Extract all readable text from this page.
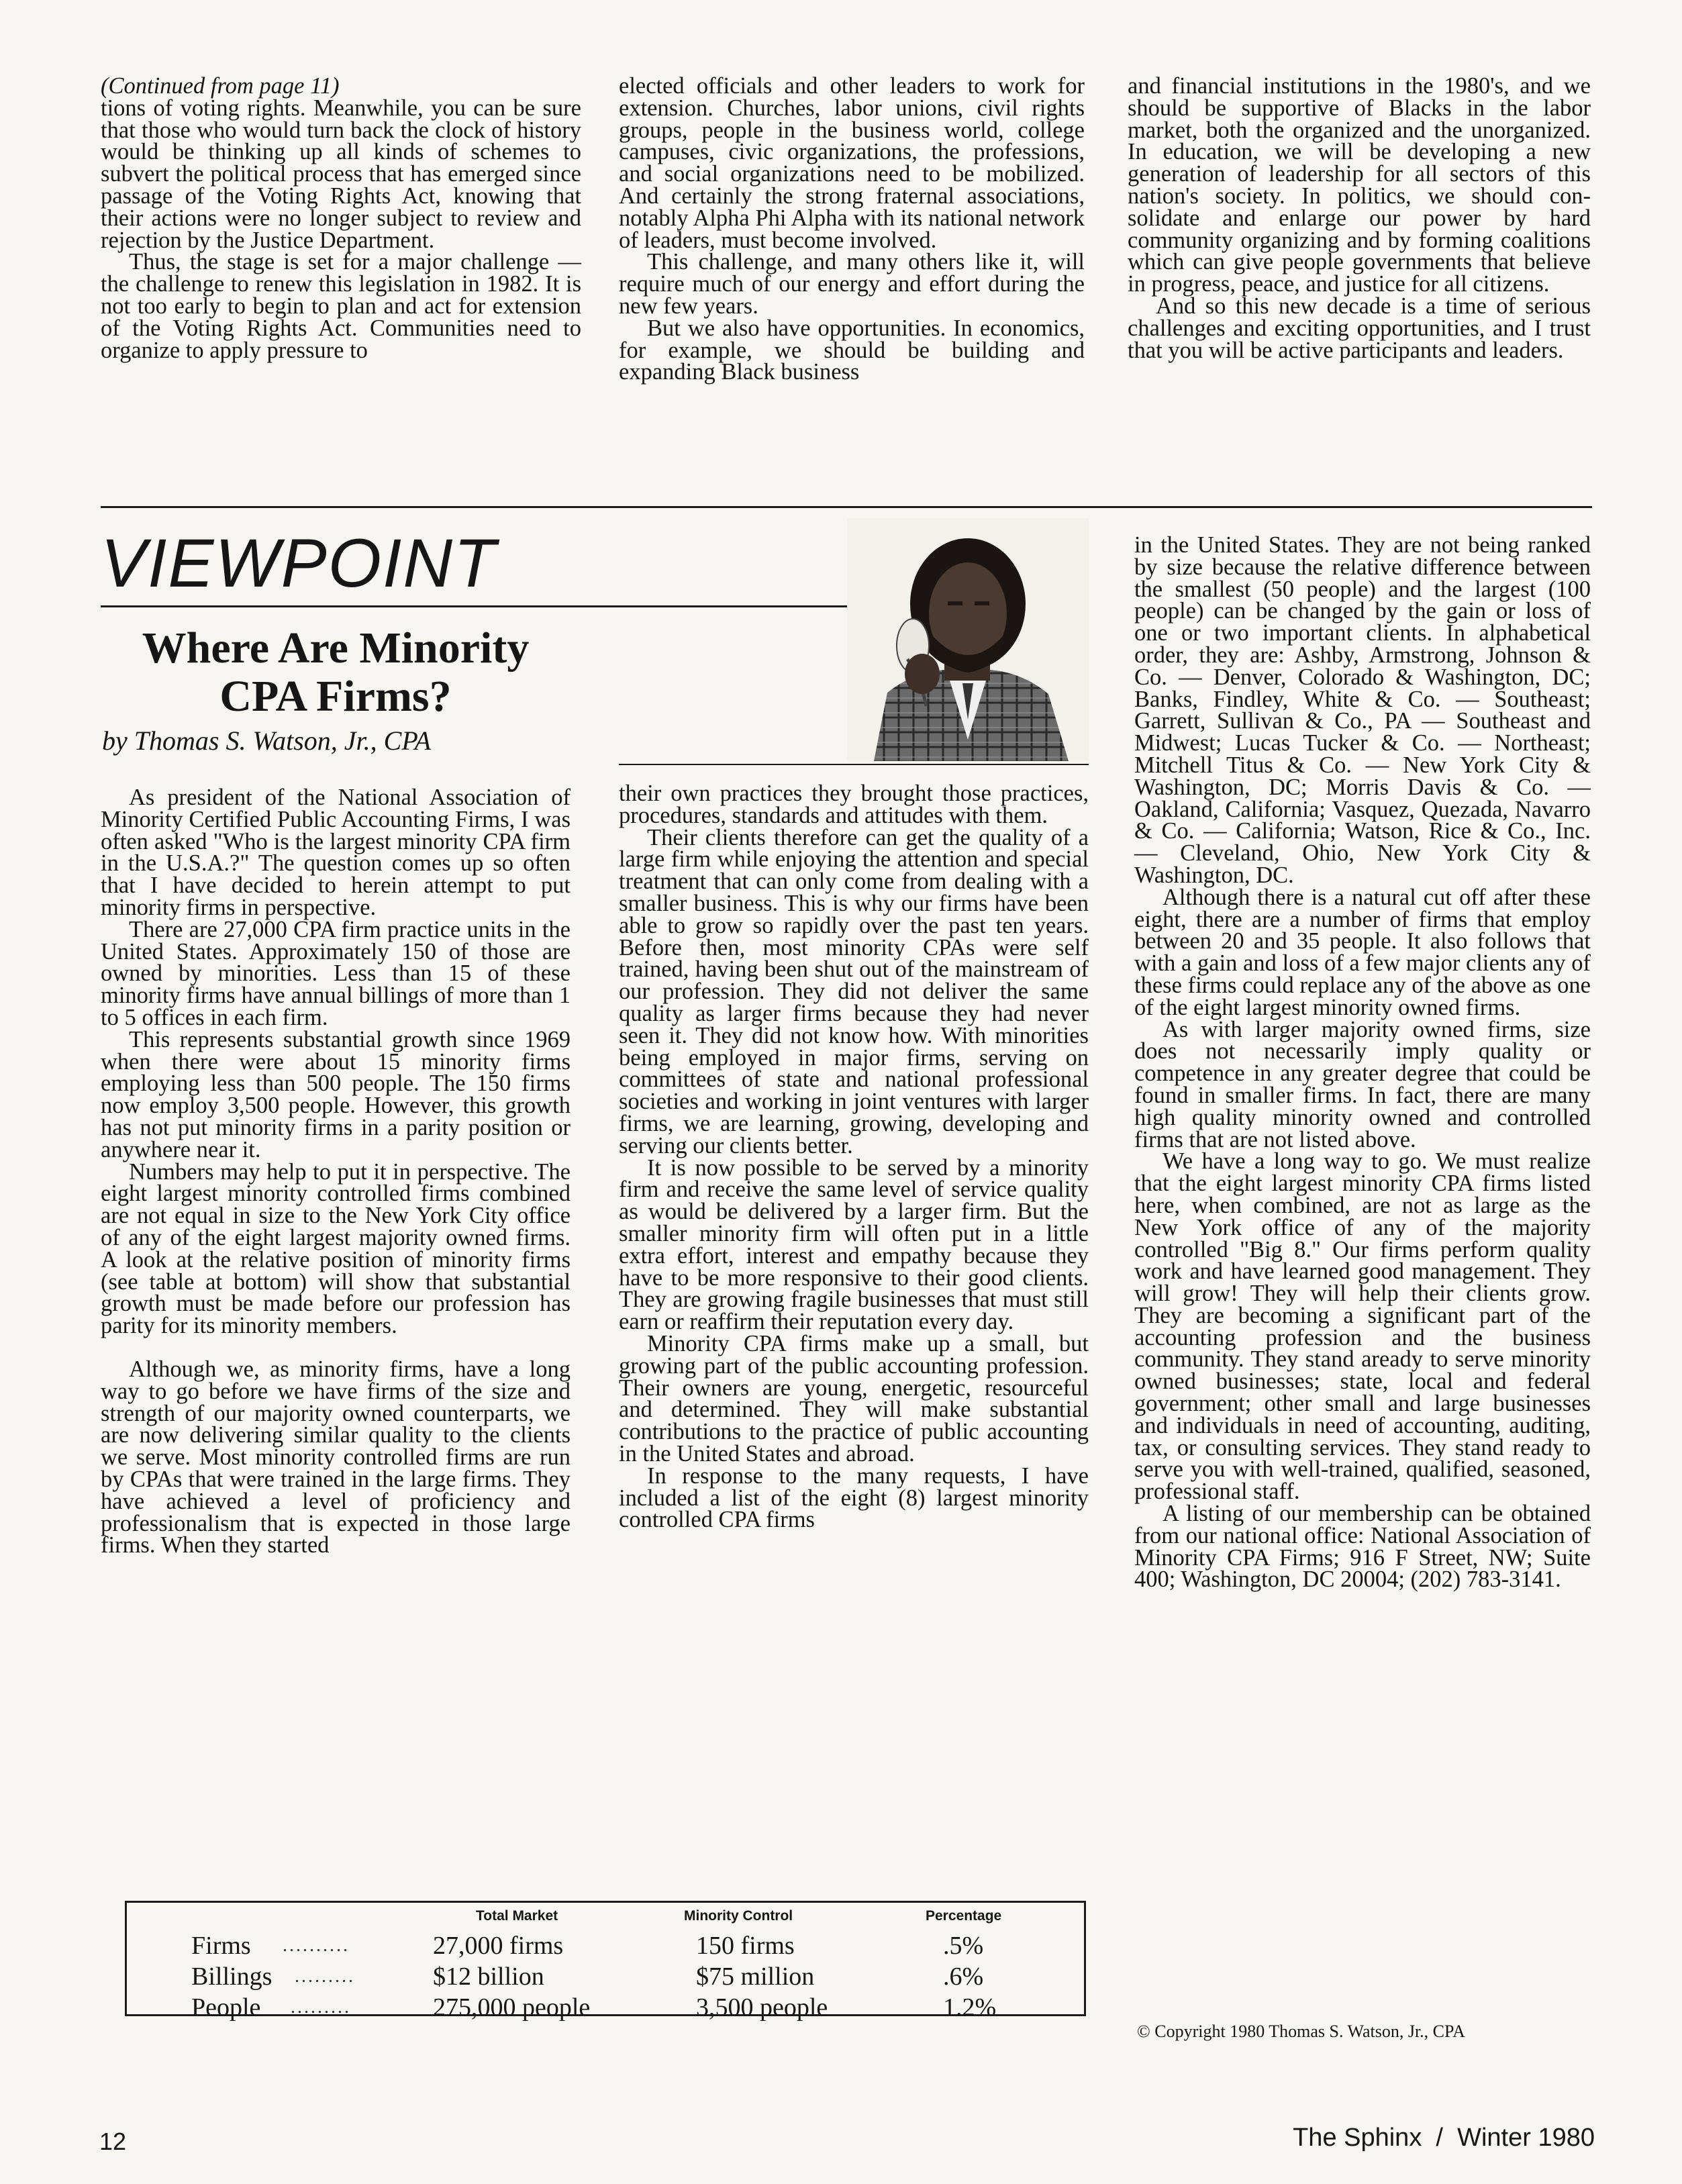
(Continued from page 11)

tions of voting rights. Meanwhile, you can be sure that those who would turn back the clock of history would be thinking up all kinds of schemes to subvert the political process that has emerged since passage of the Voting Rights Act, knowing that their actions were no longer subject to review and rejection by the Justice Department.

Thus, the stage is set for a major challenge — the challenge to renew this legislation in 1982. It is not too early to begin to plan and act for extension of the Voting Rights Act. Communities need to organize to apply pressure to

elected officials and other leaders to work for extension. Churches, labor unions, civil rights groups, people in the business world, college campuses, civic organizations, the professions, and social organizations need to be mobilized. And certainly the strong fraternal associations, notably Alpha Phi Alpha with its national network of leaders, must become involved.

This challenge, and many others like it, will require much of our energy and effort during the new few years.

But we also have opportunities. In economics, for example, we should be building and expanding Black business

and financial institutions in the 1980's, and we should be supportive of Blacks in the labor market, both the organized and the unorganized. In education, we will be developing a new generation of leadership for all sectors of this nation's society. In politics, we should consolidate and enlarge our power by hard community organizing and by forming coalitions which can give people governments that believe in progress, peace, and justice for all citizens.

And so this new decade is a time of serious challenges and exciting opportunities, and I trust that you will be active participants and leaders.

VIEWPOINT
Where Are Minority CPA Firms?
by Thomas S. Watson, Jr., CPA

As president of the National Association of Minority Certified Public Accounting Firms, I was often asked "Who is the largest minority CPA firm in the U.S.A.?" The question comes up so often that I have decided to herein attempt to put minority firms in perspective.

There are 27,000 CPA firm practice units in the United States. Approximately 150 of those are owned by minorities. Less than 15 of these minority firms have annual billings of more than 1 to 5 offices in each firm.

This represents substantial growth since 1969 when there were about 15 minority firms employing less than 500 people. The 150 firms now employ 3,500 people. However, this growth has not put minority firms in a parity position or anywhere near it.

Numbers may help to put it in perspective. The eight largest minority controlled firms combined are not equal in size to the New York City office of any of the eight largest majority owned firms. A look at the relative position of minority firms (see table at bottom) will show that substantial growth must be made before our profession has parity for its minority members.

Although we, as minority firms, have a long way to go before we have firms of the size and strength of our majority owned counterparts, we are now delivering similar quality to the clients we serve. Most minority controlled firms are run by CPAs that were trained in the large firms. They have achieved a level of proficiency and professionalism that is expected in those large firms. When they started

their own practices they brought those practices, procedures, standards and attitudes with them.

Their clients therefore can get the quality of a large firm while enjoying the attention and special treatment that can only come from dealing with a smaller business. This is why our firms have been able to grow so rapidly over the past ten years. Before then, most minority CPAs were self trained, having been shut out of the mainstream of our profession. They did not deliver the same quality as larger firms because they had never seen it. They did not know how. With minorities being employed in major firms, serving on committees of state and national professional societies and working in joint ventures with larger firms, we are learning, growing, developing and serving our clients better.

It is now possible to be served by a minority firm and receive the same level of service quality as would be delivered by a larger firm. But the smaller minority firm will often put in a little extra effort, interest and empathy because they have to be more responsive to their good clients. They are growing fragile businesses that must still earn or reaffirm their reputation every day.

Minority CPA firms make up a small, but growing part of the public accounting profession. Their owners are young, energetic, resourceful and determined. They will make substantial contributions to the practice of public accounting in the United States and abroad.

In response to the many requests, I have included a list of the eight (8) largest minority controlled CPA firms

in the United States. They are not being ranked by size because the relative difference between the smallest (50 people) and the largest (100 people) can be changed by the gain or loss of one or two important clients. In alphabetical order, they are: Ashby, Armstrong, Johnson & Co. — Denver, Colorado & Washington, DC; Banks, Findley, White & Co. — Southeast; Garrett, Sullivan & Co., PA — Southeast and Midwest; Lucas Tucker & Co. — Northeast; Mitchell Titus & Co. — New York City & Washington, DC; Morris Davis & Co. — Oakland, California; Vasquez, Quezada, Navarro & Co. — California; Watson, Rice & Co., Inc. — Cleveland, Ohio, New York City & Washington, DC.

Although there is a natural cut off after these eight, there are a number of firms that employ between 20 and 35 people. It also follows that with a gain and loss of a few major clients any of these firms could replace any of the above as one of the eight largest minority owned firms.

As with larger majority owned firms, size does not necessarily imply quality or competence in any greater degree that could be found in smaller firms. In fact, there are many high quality minority owned and controlled firms that are not listed above.

We have a long way to go. We must realize that the eight largest minority CPA firms listed here, when combined, are not as large as the New York office of any of the majority controlled "Big 8." Our firms perform quality work and have learned good management. They will grow! They will help their clients grow. They are becoming a significant part of the accounting profession and the business community. They stand aready to serve minority owned businesses; state, local and federal government; other small and large businesses and individuals in need of accounting, auditing, tax, or consulting services. They stand ready to serve you with well-trained, qualified, seasoned, professional staff.

A listing of our membership can be obtained from our national office: National Association of Minority CPA Firms; 916 F Street, NW; Suite 400; Washington, DC 20004; (202) 783-3141.

Total Market	Minority Control	Percentage
Firms ..........	27,000 firms	150 firms	.5%
Billings .........	$12 billion	$75 million	.6%
People .........	275,000 people	3,500 people	1.2%
© Copyright 1980 Thomas S. Watson, Jr., CPA
12	The Sphinx  /  Winter 1980
